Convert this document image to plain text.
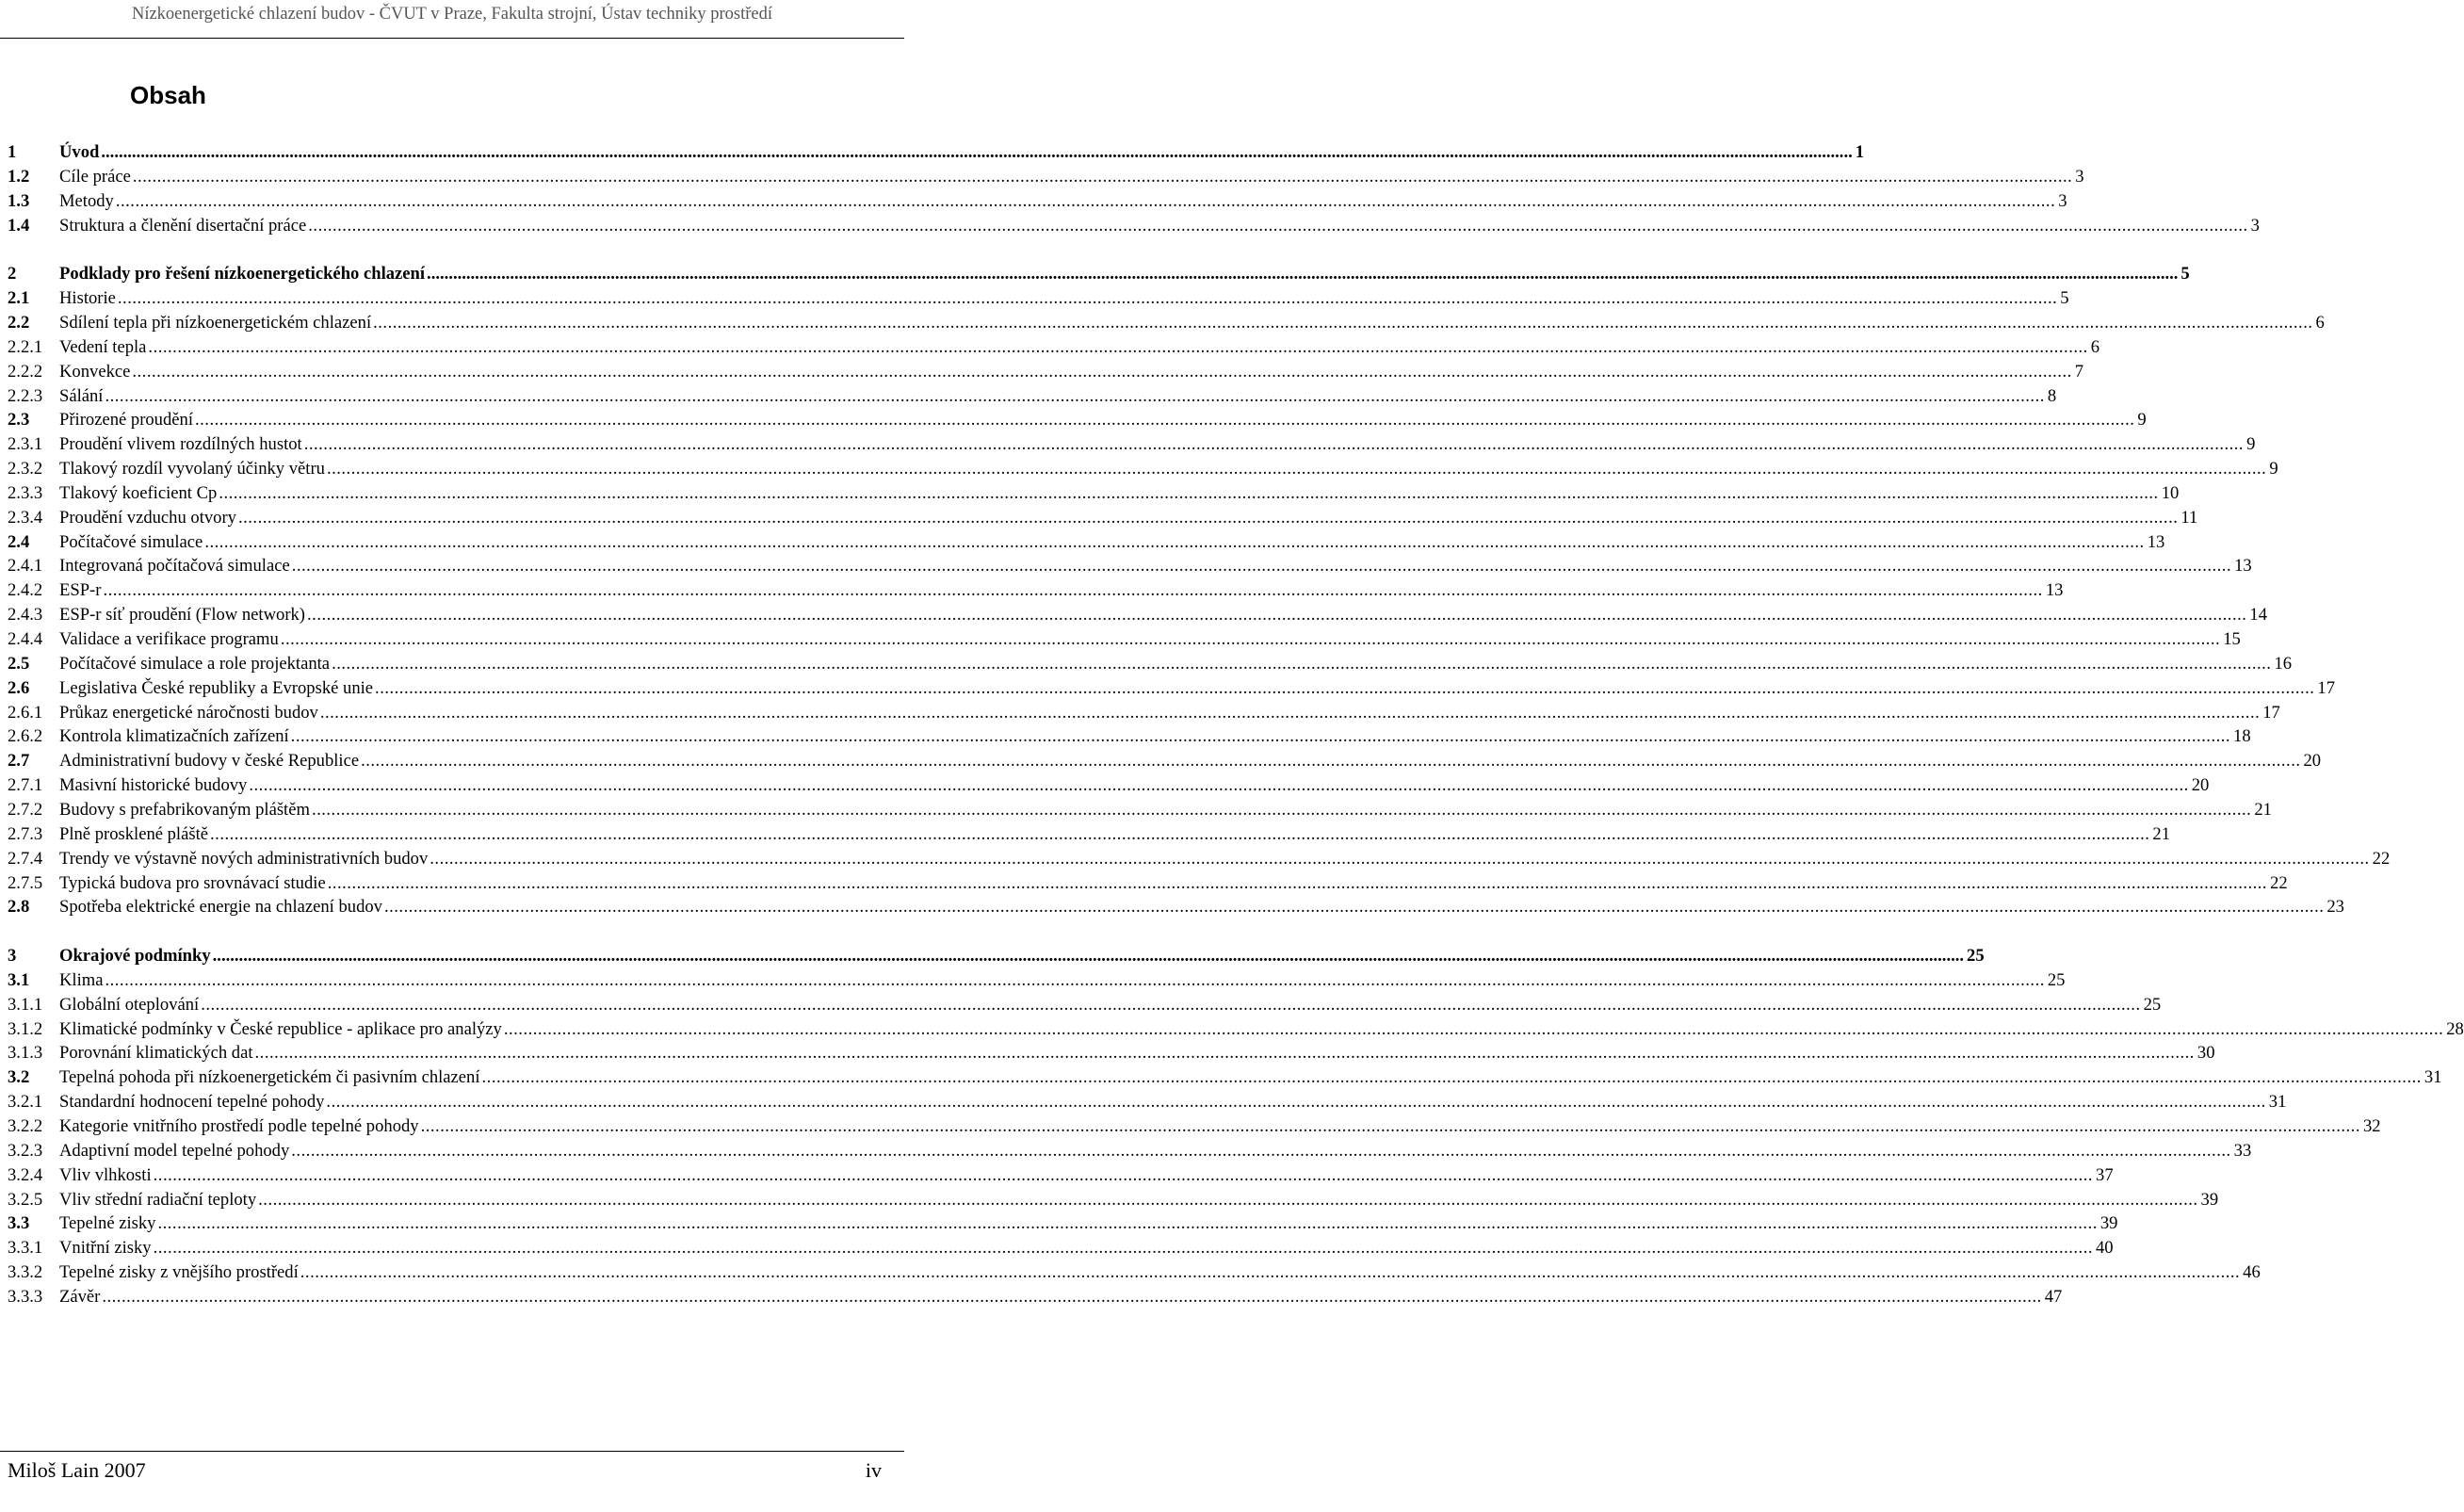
Nízkoenergetické chlazení budov - ČVUT v Praze, Fakulta strojní, Ústav techniky prostředí
Obsah
1	Úvod ................................................................................................................................................................................................................................................................................................................................................................................................................ 1
1.2	Cíle práce ................................................................................................................................................................................................................................................................................................................................................................................................................ 3
1.3	Metody ................................................................................................................................................................................................................................................................................................................................................................................................................ 3
1.4	Struktura a členění disertační práce ................................................................................................................................................................................................................................................................................................................................................................................................................ 3
2	Podklady pro řešení nízkoenergetického chlazení ................................................................................................................................................................................................................................................................................................................................................................................................................ 5
2.1	Historie ................................................................................................................................................................................................................................................................................................................................................................................................................ 5
2.2	Sdílení tepla při nízkoenergetickém chlazení ................................................................................................................................................................................................................................................................................................................................................................................................................ 6
2.2.1 Vedení tepla ................................................................................................................................................................................................................................................................................................................................................................................................................ 6
2.2.2 Konvekce ................................................................................................................................................................................................................................................................................................................................................................................................................ 7
2.2.3 Sálání ................................................................................................................................................................................................................................................................................................................................................................................................................ 8
2.3	Přirozené proudění ................................................................................................................................................................................................................................................................................................................................................................................................................ 9
2.3.1 Proudění vlivem rozdílných hustot ................................................................................................................................................................................................................................................................................................................................................................................................................ 9
2.3.2 Tlakový rozdíl vyvolaný účinky větru ................................................................................................................................................................................................................................................................................................................................................................................................................ 9
2.3.3 Tlakový koeficient Cp ................................................................................................................................................................................................................................................................................................................................................................................................................ 10
2.3.4 Proudění vzduchu otvory ................................................................................................................................................................................................................................................................................................................................................................................................................ 11
2.4	Počítačové simulace ................................................................................................................................................................................................................................................................................................................................................................................................................ 13
2.4.1 Integrovaná počítačová simulace ................................................................................................................................................................................................................................................................................................................................................................................................................ 13
2.4.2 ESP-r ................................................................................................................................................................................................................................................................................................................................................................................................................ 13
2.4.3 ESP-r síť proudění (Flow network) ................................................................................................................................................................................................................................................................................................................................................................................................................ 14
2.4.4 Validace a verifikace programu ................................................................................................................................................................................................................................................................................................................................................................................................................ 15
2.5	Počítačové simulace a role projektanta ................................................................................................................................................................................................................................................................................................................................................................................................................ 16
2.6	Legislativa České republiky a Evropské unie ................................................................................................................................................................................................................................................................................................................................................................................................................ 17
2.6.1 Průkaz energetické náročnosti budov ................................................................................................................................................................................................................................................................................................................................................................................................................ 17
2.6.2 Kontrola klimatizačních zařízení ................................................................................................................................................................................................................................................................................................................................................................................................................ 18
2.7	Administrativní budovy v české Republice ................................................................................................................................................................................................................................................................................................................................................................................................................ 20
2.7.1 Masivní historické budovy ................................................................................................................................................................................................................................................................................................................................................................................................................ 20
2.7.2 Budovy s prefabrikovaným pláštěm ................................................................................................................................................................................................................................................................................................................................................................................................................ 21
2.7.3 Plně prosklené pláště ................................................................................................................................................................................................................................................................................................................................................................................................................ 21
2.7.4 Trendy ve výstavně nových administrativních budov ................................................................................................................................................................................................................................................................................................................................................................................................................ 22
2.7.5 Typická budova pro srovnávací studie ................................................................................................................................................................................................................................................................................................................................................................................................................ 22
2.8	Spotřeba elektrické energie na chlazení budov ................................................................................................................................................................................................................................................................................................................................................................................................................ 23
3	Okrajové podmínky ................................................................................................................................................................................................................................................................................................................................................................................................................ 25
3.1	Klima ................................................................................................................................................................................................................................................................................................................................................................................................................ 25
3.1.1 Globální oteplování ................................................................................................................................................................................................................................................................................................................................................................................................................ 25
3.1.2 Klimatické podmínky v České republice - aplikace pro analýzy ................................................................................................................................................................................................................................................................................................................................................................................................................ 28
3.1.3 Porovnání klimatických dat ................................................................................................................................................................................................................................................................................................................................................................................................................ 30
3.2	Tepelná pohoda při nízkoenergetickém či pasivním chlazení ................................................................................................................................................................................................................................................................................................................................................................................................................ 31
3.2.1 Standardní hodnocení tepelné pohody ................................................................................................................................................................................................................................................................................................................................................................................................................ 31
3.2.2 Kategorie vnitřního prostředí podle tepelné pohody ................................................................................................................................................................................................................................................................................................................................................................................................................ 32
3.2.3 Adaptivní model tepelné pohody ................................................................................................................................................................................................................................................................................................................................................................................................................ 33
3.2.4 Vliv vlhkosti ................................................................................................................................................................................................................................................................................................................................................................................................................ 37
3.2.5 Vliv střední radiační teploty ................................................................................................................................................................................................................................................................................................................................................................................................................ 39
3.3	Tepelné zisky ................................................................................................................................................................................................................................................................................................................................................................................................................ 39
3.3.1 Vnitřní zisky ................................................................................................................................................................................................................................................................................................................................................................................................................ 40
3.3.2 Tepelné zisky z vnějšího prostředí ................................................................................................................................................................................................................................................................................................................................................................................................................ 46
3.3.3 Závěr ................................................................................................................................................................................................................................................................................................................................................................................................................ 47
Miloš Lain 2007	iv
